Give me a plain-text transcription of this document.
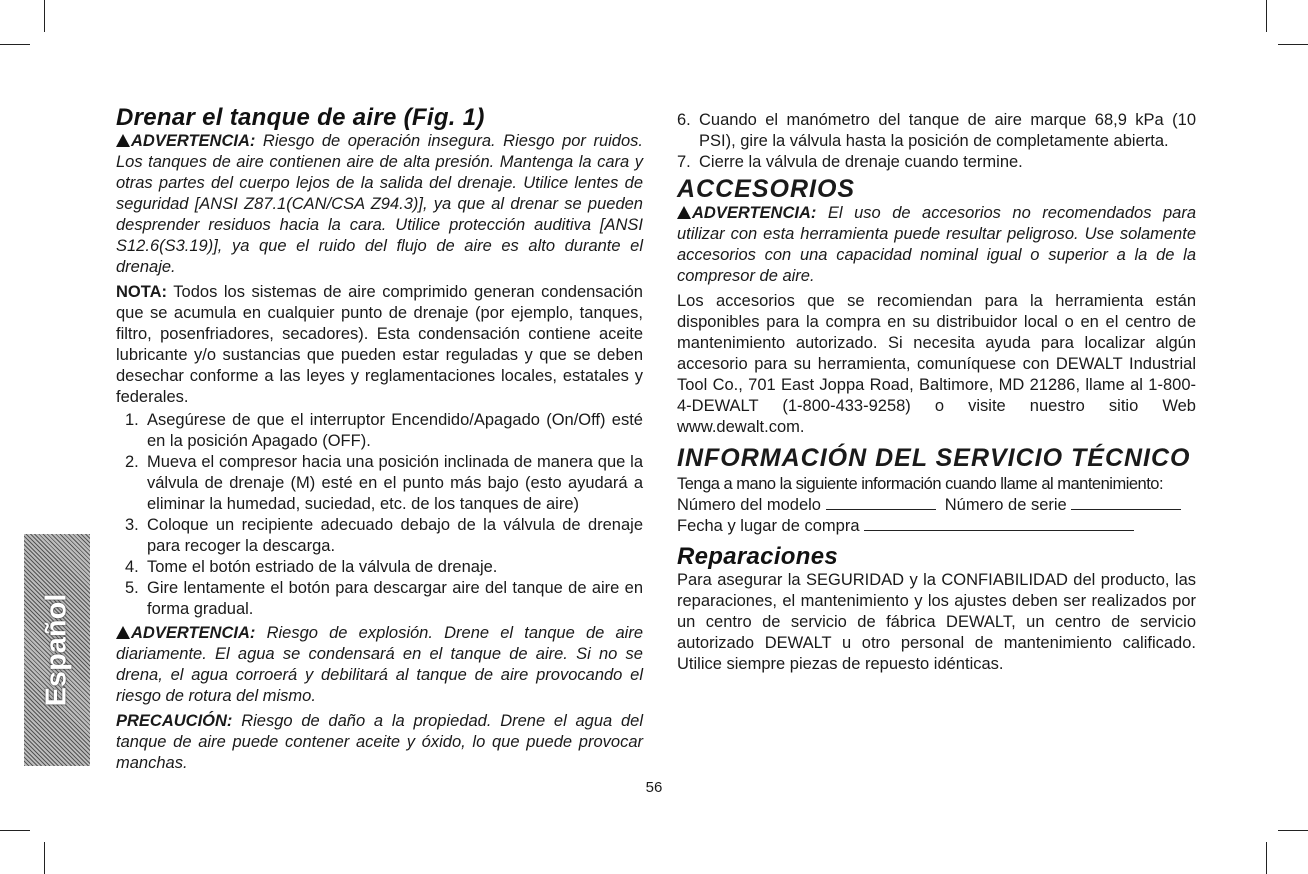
Español
Drenar el tanque de aire (Fig. 1)

ADVERTENCIA: Riesgo de operación insegura. Riesgo por ruidos. Los tanques de aire contienen aire de alta presión. Mantenga la cara y otras partes del cuerpo lejos de la salida del drenaje. Utilice lentes de seguridad [ANSI Z87.1(CAN/CSA Z94.3)], ya que al drenar se pueden desprender residuos hacia la cara. Utilice protección auditiva [ANSI S12.6(S3.19)], ya que el ruido del flujo de aire es alto durante el drenaje.

NOTA: Todos los sistemas de aire comprimido generan condensación que se acumula en cualquier punto de drenaje (por ejemplo, tanques, filtro, posenfriadores, secadores). Esta condensación contiene aceite lubricante y/o sustancias que pueden estar reguladas y que se deben desechar conforme a las leyes y reglamentaciones locales, estatales y federales.

1. Asegúrese de que el interruptor Encendido/Apagado (On/Off) esté en la posición Apagado (OFF).
2. Mueva el compresor hacia una posición inclinada de manera que la válvula de drenaje (M) esté en el punto más bajo (esto ayudará a eliminar la humedad, suciedad, etc. de los tanques de aire)
3. Coloque un recipiente adecuado debajo de la válvula de drenaje para recoger la descarga.
4. Tome el botón estriado de la válvula de drenaje.
5. Gire lentamente el botón para descargar aire del tanque de aire en forma gradual.

ADVERTENCIA: Riesgo de explosión. Drene el tanque de aire diariamente. El agua se condensará en el tanque de aire. Si no se drena, el agua corroerá y debilitará al tanque de aire provocando el riesgo de rotura del mismo.

PRECAUCIÓN: Riesgo de daño a la propiedad. Drene el agua del tanque de aire puede contener aceite y óxido, lo que puede provocar manchas.

6. Cuando el manómetro del tanque de aire marque 68,9 kPa (10 PSI), gire la válvula hasta la posición de completamente abierta.
7. Cierre la válvula de drenaje cuando termine.
ACCESORIOS

ADVERTENCIA: El uso de accesorios no recomendados para utilizar con esta herramienta puede resultar peligroso. Use solamente accesorios con una capacidad nominal igual o superior a la de la compresor de aire.

Los accesorios que se recomiendan para la herramienta están disponibles para la compra en su distribuidor local o en el centro de mantenimiento autorizado. Si necesita ayuda para localizar algún accesorio para su herramienta, comuníquese con DEWALT Industrial Tool Co., 701 East Joppa Road, Baltimore, MD 21286, llame al 1-800-4-DEWALT (1-800-433-9258) o visite nuestro sitio Web www.dewalt.com.

INFORMACIÓN DEL SERVICIO TÉCNICO

Tenga a mano la siguiente información cuando llame al mantenimiento:

Número del modelo	Número de serie

Fecha y lugar de compra

Reparaciones

Para asegurar la SEGURIDAD y la CONFIABILIDAD del producto, las reparaciones, el mantenimiento y los ajustes deben ser realizados por un centro de servicio de fábrica DEWALT, un centro de servicio autorizado DEWALT u otro personal de mantenimiento calificado. Utilice siempre piezas de repuesto idénticas.

56
